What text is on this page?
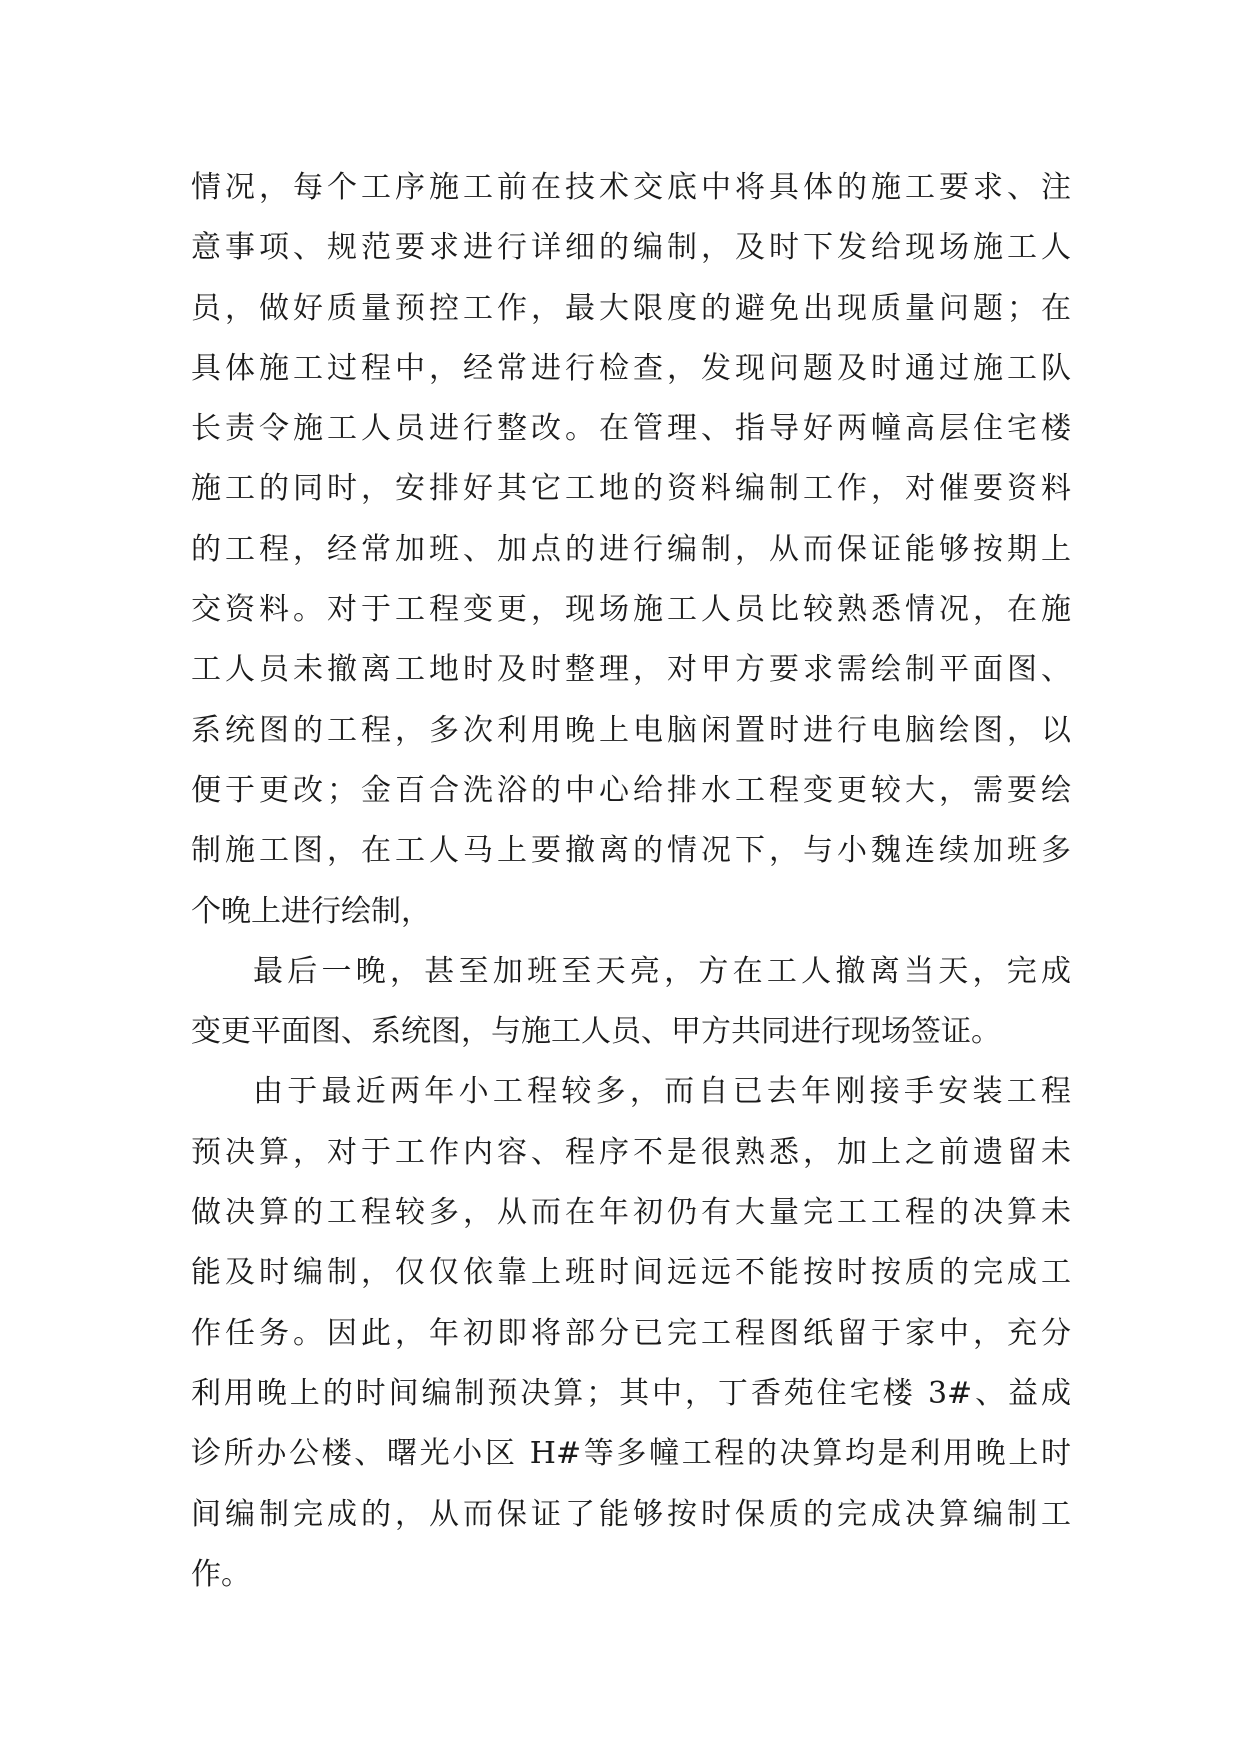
情况，每个工序施工前在技术交底中将具体的施工要求、注
意事项、规范要求进行详细的编制，及时下发给现场施工人
员，做好质量预控工作，最大限度的避免出现质量问题；在
具体施工过程中，经常进行检查，发现问题及时通过施工队
长责令施工人员进行整改。在管理、指导好两幢高层住宅楼
施工的同时，安排好其它工地的资料编制工作，对催要资料
的工程，经常加班、加点的进行编制，从而保证能够按期上
交资料。对于工程变更，现场施工人员比较熟悉情况，在施
工人员未撤离工地时及时整理，对甲方要求需绘制平面图、
系统图的工程，多次利用晚上电脑闲置时进行电脑绘图，以
便于更改；金百合洗浴的中心给排水工程变更较大，需要绘
制施工图，在工人马上要撤离的情况下，与小魏连续加班多
个晚上进行绘制，
最后一晚，甚至加班至天亮，方在工人撤离当天，完成
变更平面图、系统图，与施工人员、甲方共同进行现场签证。
由于最近两年小工程较多，而自已去年刚接手安装工程
预决算，对于工作内容、程序不是很熟悉，加上之前遗留未
做决算的工程较多，从而在年初仍有大量完工工程的决算未
能及时编制，仅仅依靠上班时间远远不能按时按质的完成工
作任务。因此，年初即将部分已完工程图纸留于家中，充分
利用晚上的时间编制预决算；其中，丁香苑住宅楼 3#、益成
诊所办公楼、曙光小区 H#等多幢工程的决算均是利用晚上时
间编制完成的，从而保证了能够按时保质的完成决算编制工
作。
